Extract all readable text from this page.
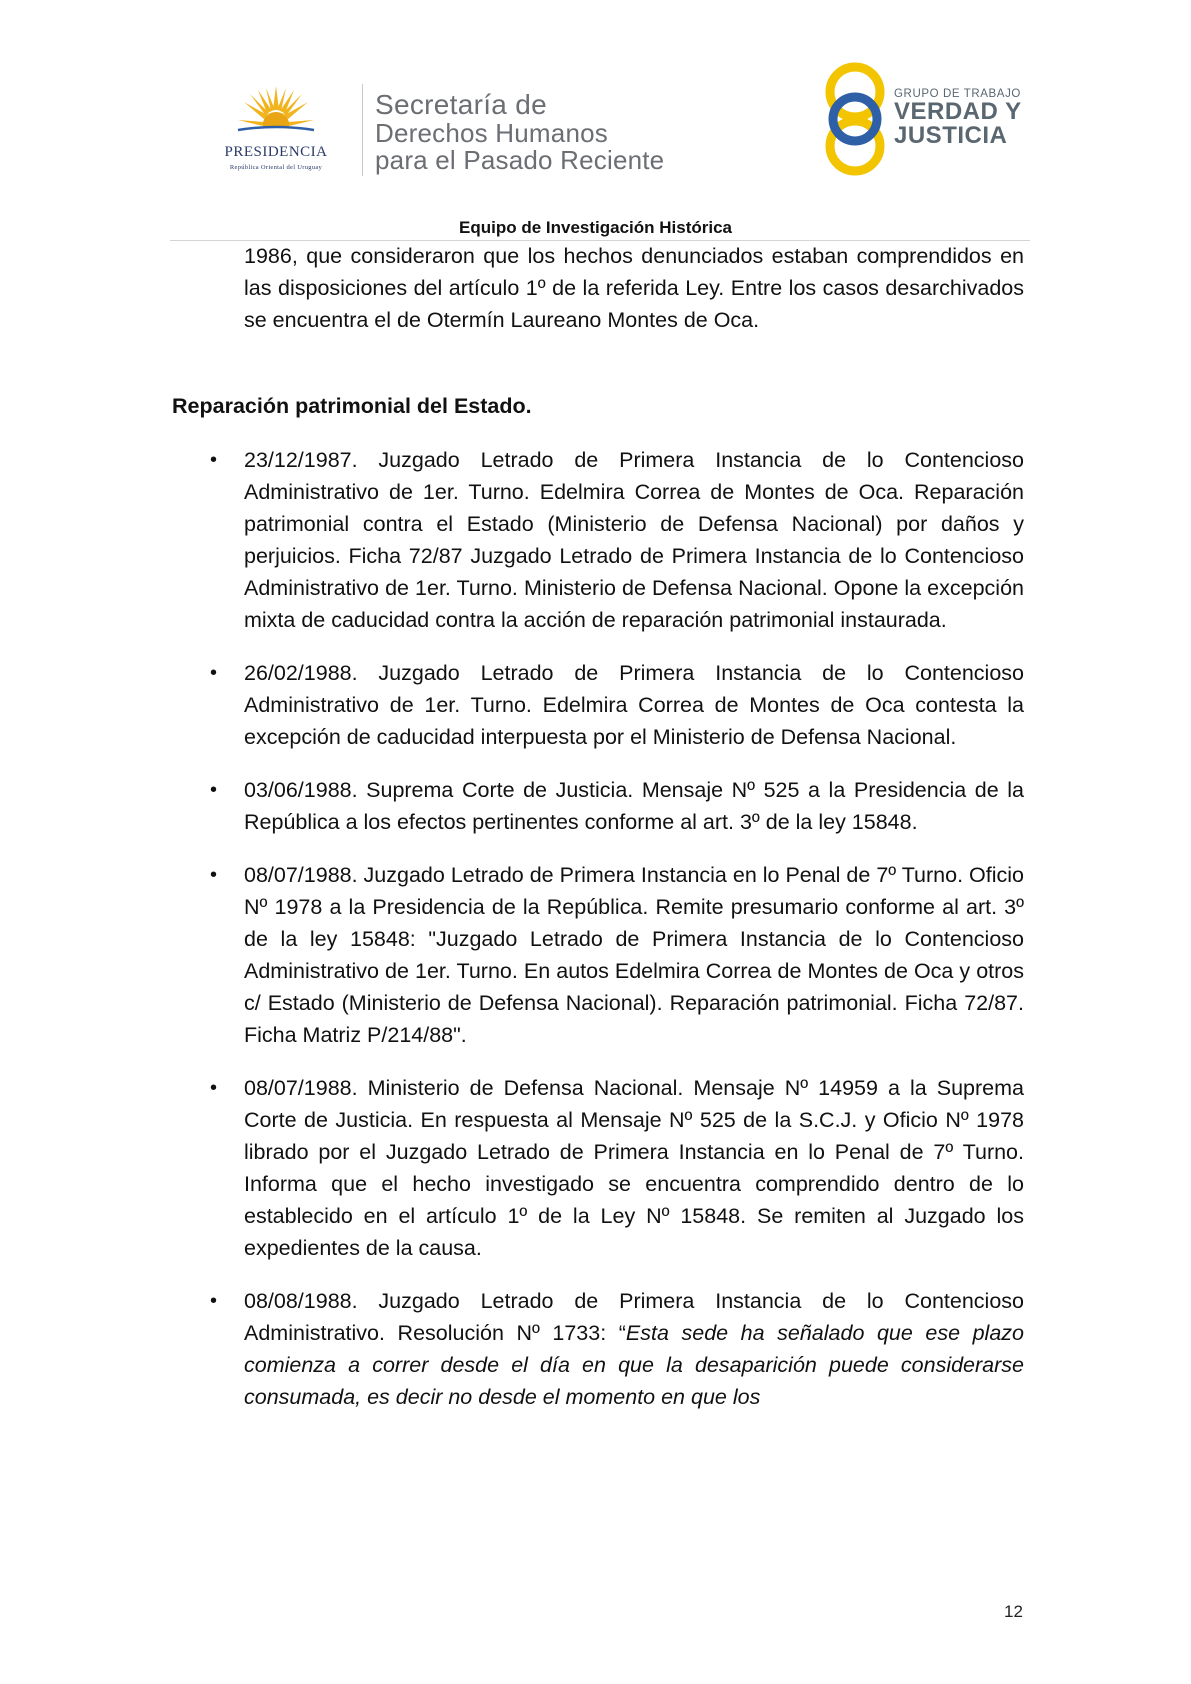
PRESIDENCIA
República Oriental del Uruguay
Secretaría de
Derechos Humanos
para el Pasado Reciente
GRUPO DE TRABAJO
VERDAD Y
JUSTICIA
Equipo de Investigación Histórica
1986, que consideraron que los hechos denunciados estaban comprendidos en las disposiciones del artículo 1º de la referida Ley. Entre los casos desarchivados se encuentra el de Otermín Laureano Montes de Oca.
Reparación patrimonial del Estado.
• 23/12/1987. Juzgado Letrado de Primera Instancia de lo Contencioso Administrativo de 1er. Turno. Edelmira Correa de Montes de Oca. Reparación patrimonial contra el Estado (Ministerio de Defensa Nacional) por daños y perjuicios. Ficha 72/87 Juzgado Letrado de Primera Instancia de lo Contencioso Administrativo de 1er. Turno. Ministerio de Defensa Nacional. Opone la excepción mixta de caducidad contra la acción de reparación patrimonial instaurada.
• 26/02/1988. Juzgado Letrado de Primera Instancia de lo Contencioso Administrativo de 1er. Turno. Edelmira Correa de Montes de Oca contesta la excepción de caducidad interpuesta por el Ministerio de Defensa Nacional.
• 03/06/1988. Suprema Corte de Justicia. Mensaje Nº 525 a la Presidencia de la República a los efectos pertinentes conforme al art. 3º de la ley 15848.
• 08/07/1988. Juzgado Letrado de Primera Instancia en lo Penal de 7º Turno. Oficio Nº 1978 a la Presidencia de la República. Remite presumario conforme al art. 3º de la ley 15848: "Juzgado Letrado de Primera Instancia de lo Contencioso Administrativo de 1er. Turno. En autos Edelmira Correa de Montes de Oca y otros c/ Estado (Ministerio de Defensa Nacional). Reparación patrimonial. Ficha 72/87. Ficha Matriz P/214/88".
• 08/07/1988. Ministerio de Defensa Nacional. Mensaje Nº 14959 a la Suprema Corte de Justicia. En respuesta al Mensaje Nº 525 de la S.C.J. y Oficio Nº 1978 librado por el Juzgado Letrado de Primera Instancia en lo Penal de 7º Turno. Informa que el hecho investigado se encuentra comprendido dentro de lo establecido en el artículo 1º de la Ley Nº 15848. Se remiten al Juzgado los expedientes de la causa.
• 08/08/1988. Juzgado Letrado de Primera Instancia de lo Contencioso Administrativo. Resolución Nº 1733: “Esta sede ha señalado que ese plazo comienza a correr desde el día en que la desaparición puede considerarse consumada, es decir no desde el momento en que los
12
